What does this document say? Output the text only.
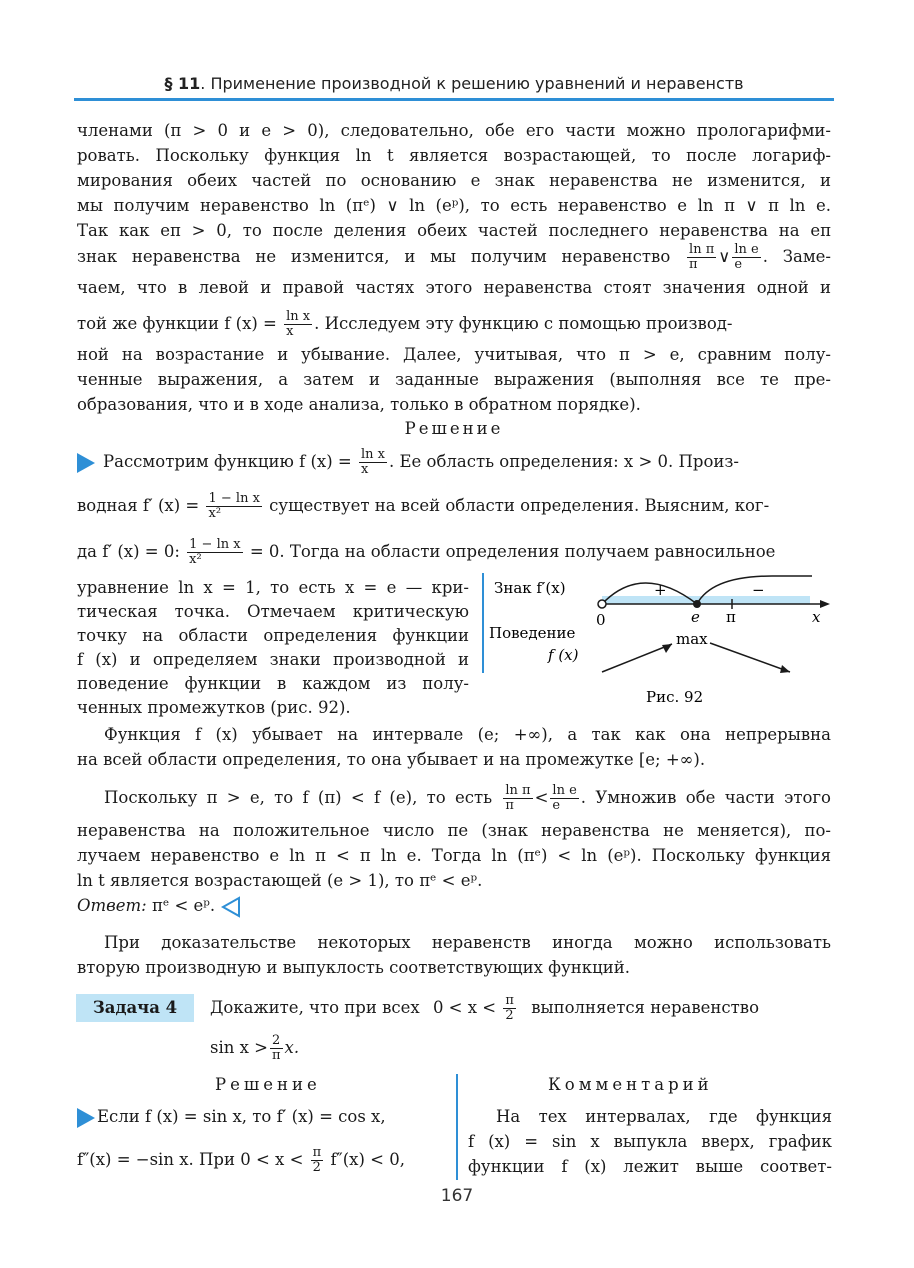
§ 11. Применение производной к решению уравнений и неравенств
членами (π > 0 и e > 0), следовательно, обе его части можно прологарифми-
ровать. Поскольку функция ln t является возрастающей, то после логариф-
мирования обеих частей по основанию e знак неравенства не изменится, и
мы получим неравенство ln (πᵉ) ∨ ln (eᵖ), то есть неравенство e ln π ∨ π ln e.
Так как eπ > 0, то после деления обеих частей последнего неравенства на eπ
знак неравенства не изменится, и мы получим неравенство $\frac{\text{ln π}}{\pi}$ ∨ $\frac{\text{ln e}}{e}$ . Заме-
чаем, что в левой и правой частях этого неравенства стоят значения одной и
той же функции f $(x) = \frac{\text{ln x}}{x}$ . Исследуем эту функцию с помощью производ-
ной на возрастание и убывание. Далее, учитывая, что π > e, сравним полу-
ченные выражения, а затем и заданные выражения (выполняя все те пре-
образования, что и в ходе анализа, только в обратном порядке).
Решение
Рассмотрим функцию f $(x) = \frac{\text{ln x}}{x}$ . Ее область определения: x > 0. Произ-
водная f′ $(x) = \frac{\text{1 − ln x}}{\text{x²}}$ существует на всей области определения. Выясним, ког-
да f′ (x) = 0: $\frac{\text{1 − ln x}}{\text{x²}} = 0$. Тогда на области определения получаем равносильное
уравнение ln x = 1, то есть x = e — кри-
тическая точка. Отмечаем критическую
точку на области определения функции
f (x) и определяем знаки производной и
поведение функции в каждом из полу-
ченных промежутков (рис. 92).
Знак f′(x)
Поведение
f (x)
0	e π	x
+	−
max
Рис. 92
Функция f (x) убывает на интервале (e; +∞), а так как она непрерывна
на всей области определения, то она убывает и на промежутке [e; +∞).
Поскольку π > e, то f (π) < f (e), то есть $\frac{\text{ln π}}{\pi} < \frac{\text{ln e}}{e}$ . Умножив обе части этого
неравенства на положительное число πe (знак неравенства не меняется), по-
лучаем неравенство e ln π < π ln e. Тогда ln (πᵉ) < ln (eᵖ). Поскольку функция
ln t является возрастающей (e > 1), то πᵉ < eᵖ.
Ответ: πᵉ < eᵖ.
При доказательстве некоторых неравенств иногда можно использовать
вторую производную и выпуклость соответствующих функций.
Задача 4	Докажите, что при всех $0 < x < \frac{\pi}{2}$ выполняется неравенство
$\sin x > \frac{2}{\pi} x$.
Решение	Комментарий
Если f (x) = sin x, то f′ (x) = cos x,
f″(x) = −sin x. При $0 < x < \frac{\pi}{2} f''(x) < 0$,
На тех интервалах, где функция
f (x) = sin x выпукла вверх, график
функции f (x) лежит выше соответ-
167
